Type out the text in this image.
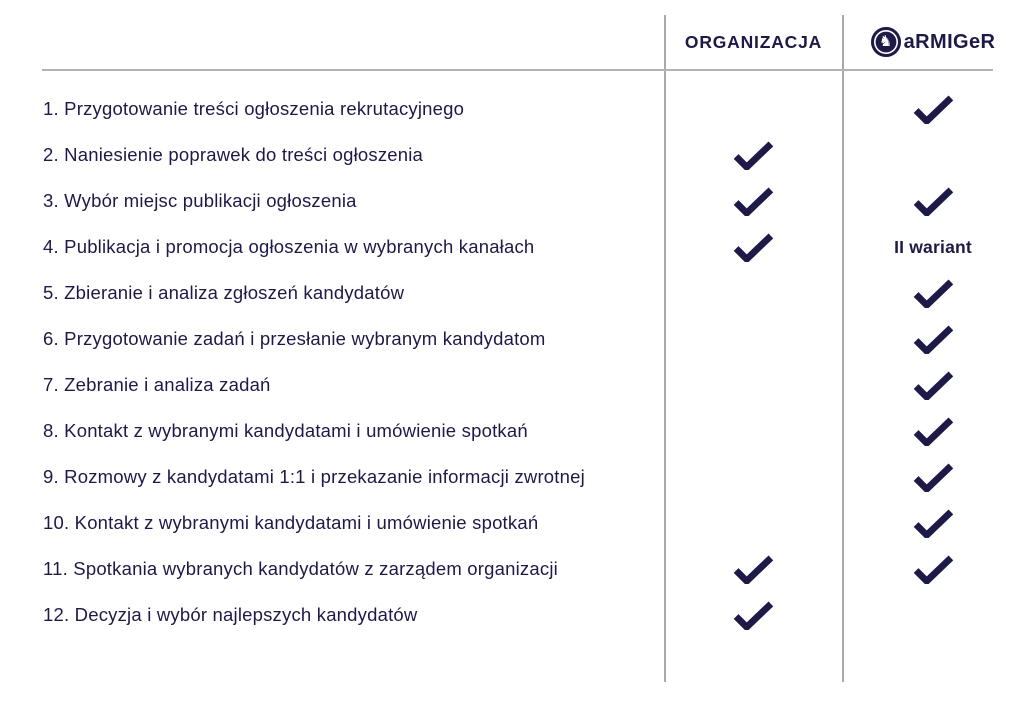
ORGANIZACJA	♞ aRMIGeR
1. Przygotowanie treści ogłoszenia rekrutacyjnego
2. Naniesienie poprawek do treści ogłoszenia
3. Wybór miejsc publikacji ogłoszenia
4. Publikacja i promocja ogłoszenia w wybranych kanałach	II wariant
5. Zbieranie i analiza zgłoszeń kandydatów
6. Przygotowanie zadań i przesłanie wybranym kandydatom
7. Zebranie i analiza zadań
8. Kontakt z wybranymi kandydatami i umówienie spotkań
9. Rozmowy z kandydatami 1:1 i przekazanie informacji zwrotnej
10. Kontakt z wybranymi kandydatami i umówienie spotkań
11. Spotkania wybranych kandydatów z zarządem organizacji
12. Decyzja i wybór najlepszych kandydatów
